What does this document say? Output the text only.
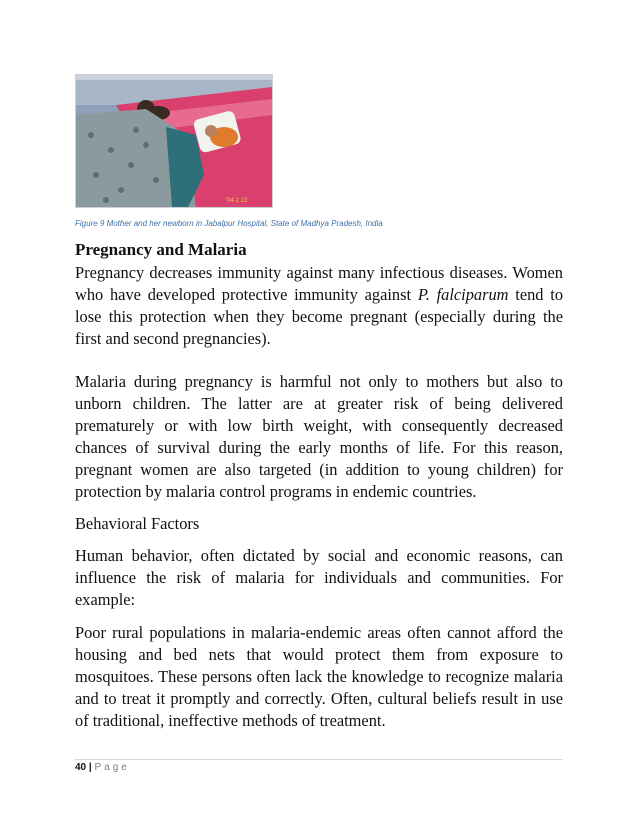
'04 2 13
Figure 9 Mother and her newborn in Jabalpur Hospital, State of Madhya Pradesh, India
Pregnancy and Malaria

Pregnancy decreases immunity against many infectious diseases. Women who have developed protective immunity against P. falciparum tend to lose this protection when they become pregnant (especially during the first and second pregnancies).

Malaria during pregnancy is harmful not only to mothers but also to unborn children. The latter are at greater risk of being delivered prematurely or with low birth weight, with consequently decreased chances of survival during the early months of life. For this reason, pregnant women are also targeted (in addition to young children) for protection by malaria control programs in endemic countries.

Behavioral Factors

Human behavior, often dictated by social and economic reasons, can influence the risk of malaria for individuals and communities. For example:

Poor rural populations in malaria-endemic areas often cannot afford the housing and bed nets that would protect them from exposure to mosquitoes. These persons often lack the knowledge to recognize malaria and to treat it promptly and correctly. Often, cultural beliefs result in use of traditional, ineffective methods of treatment.

40 | Page
